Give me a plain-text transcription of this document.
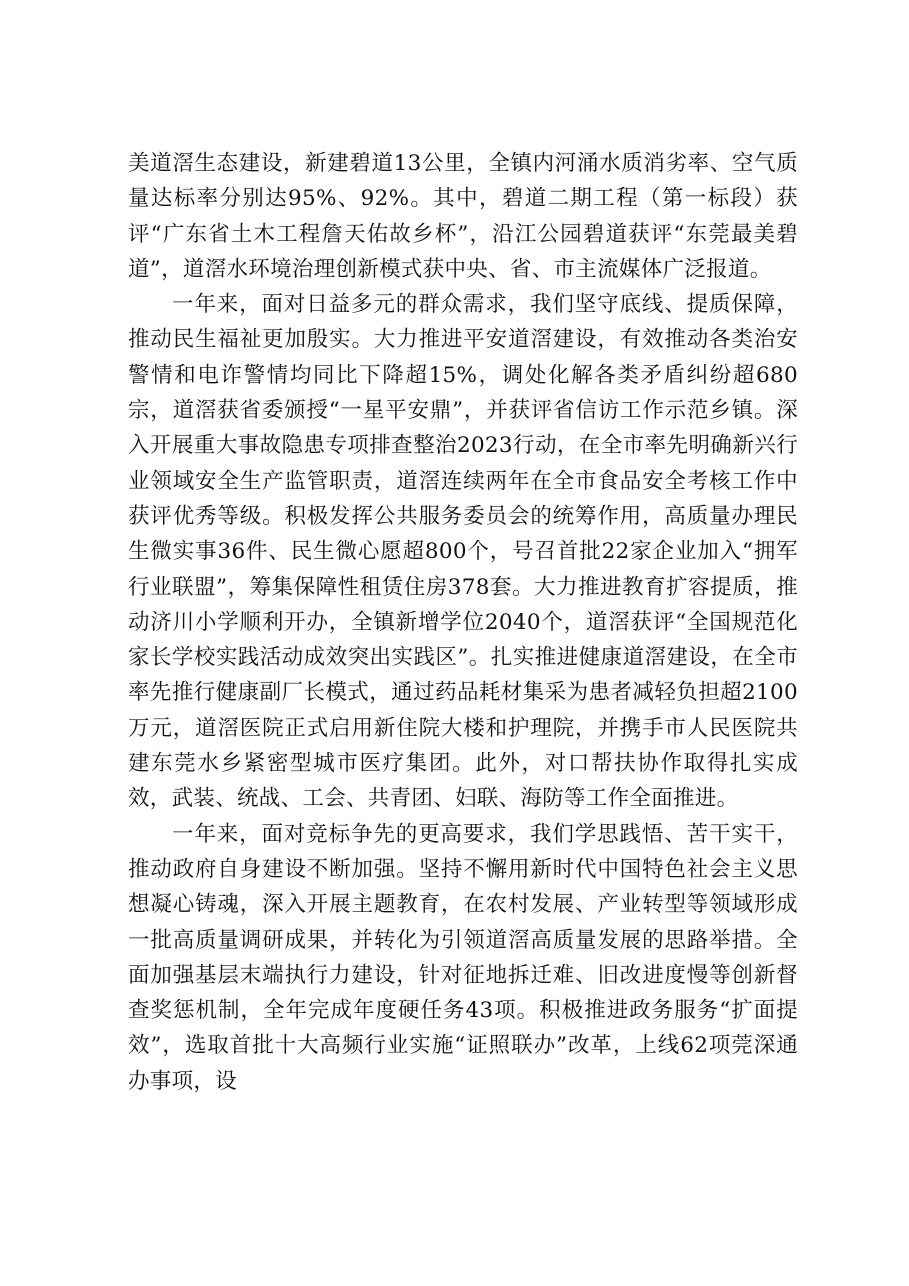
美道滘生态建设，新建碧道13公里，全镇内河涌水质消劣率、空气质量达标率分别达95%、92%。其中，碧道二期工程（第一标段）获评“广东省土木工程詹天佑故乡杯”，沿江公园碧道获评“东莞最美碧道”，道滘水环境治理创新模式获中央、省、市主流媒体广泛报道。

一年来，面对日益多元的群众需求，我们坚守底线、提质保障，推动民生福祉更加殷实。大力推进平安道滘建设，有效推动各类治安警情和电诈警情均同比下降超15%，调处化解各类矛盾纠纷超680宗，道滘获省委颁授“一星平安鼎”，并获评省信访工作示范乡镇。深入开展重大事故隐患专项排查整治2023行动，在全市率先明确新兴行业领域安全生产监管职责，道滘连续两年在全市食品安全考核工作中获评优秀等级。积极发挥公共服务委员会的统筹作用，高质量办理民生微实事36件、民生微心愿超800个，号召首批22家企业加入“拥军行业联盟”，筹集保障性租赁住房378套。大力推进教育扩容提质，推动济川小学顺利开办，全镇新增学位2040个，道滘获评“全国规范化家长学校实践活动成效突出实践区”。扎实推进健康道滘建设，在全市率先推行健康副厂长模式，通过药品耗材集采为患者减轻负担超2100万元，道滘医院正式启用新住院大楼和护理院，并携手市人民医院共建东莞水乡紧密型城市医疗集团。此外，对口帮扶协作取得扎实成效，武装、统战、工会、共青团、妇联、海防等工作全面推进。

一年来，面对竞标争先的更高要求，我们学思践悟、苦干实干，推动政府自身建设不断加强。坚持不懈用新时代中国特色社会主义思想凝心铸魂，深入开展主题教育，在农村发展、产业转型等领域形成一批高质量调研成果，并转化为引领道滘高质量发展的思路举措。全面加强基层末端执行力建设，针对征地拆迁难、旧改进度慢等创新督查奖惩机制，全年完成年度硬任务43项。积极推进政务服务“扩面提效”，选取首批十大高频行业实施“证照联办”改革，上线62项莞深通办事项，设
